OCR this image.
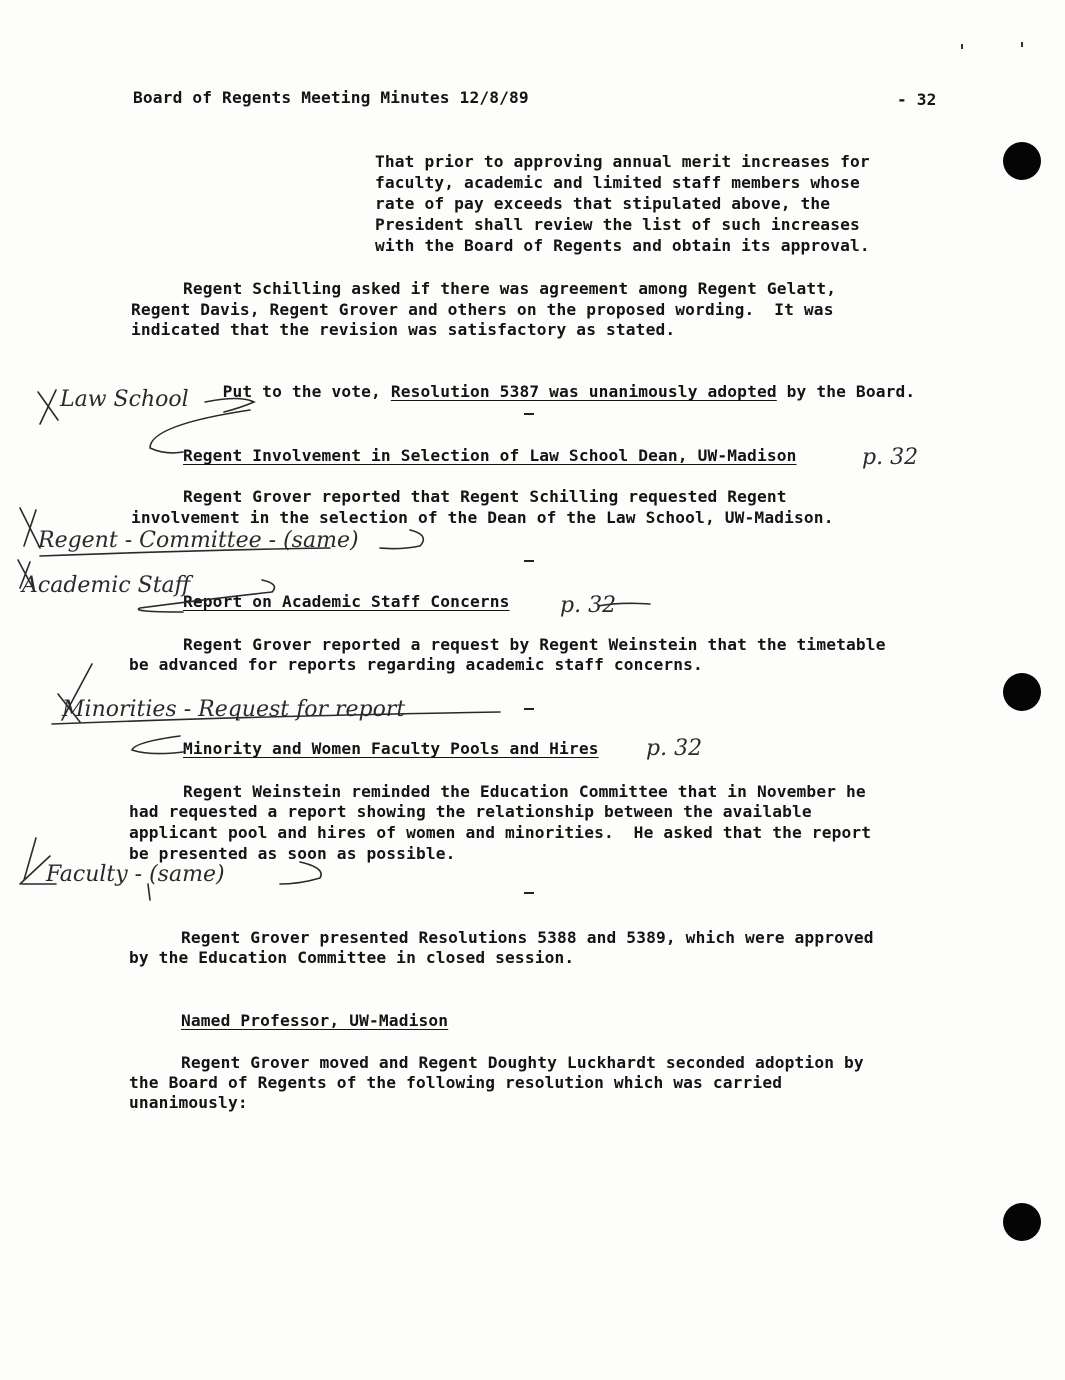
Board of Regents Meeting Minutes 12/8/89	- 32
That prior to approving annual merit increases for
faculty, academic and limited staff members whose
rate of pay exceeds that stipulated above, the
President shall review the list of such increases
with the Board of Regents and obtain its approval.
Regent Schilling asked if there was agreement among Regent Gelatt,
Regent Davis, Regent Grover and others on the proposed wording.  It was
indicated that the revision was satisfactory as stated.

Put to the vote, Resolution 5387 was unanimously adopted by the Board.

Regent Involvement in Selection of Law School Dean, UW-Madison
Regent Grover reported that Regent Schilling requested Regent
involvement in the selection of the Dean of the Law School, UW-Madison.
Report on Academic Staff Concerns
Regent Grover reported a request by Regent Weinstein that the timetable
be advanced for reports regarding academic staff concerns.
Minority and Women Faculty Pools and Hires
Regent Weinstein reminded the Education Committee that in November he
had requested a report showing the relationship between the available
applicant pool and hires of women and minorities.  He asked that the report
be presented as soon as possible.
Regent Grover presented Resolutions 5388 and 5389, which were approved
by the Education Committee in closed session.
Named Professor, UW-Madison
Regent Grover moved and Regent Doughty Luckhardt seconded adoption by
the Board of Regents of the following resolution which was carried
unanimously:
Law School
p. 32
Regent - Committee - (same)
Academic Staff
p. 32
Minorities - Request for report
p. 32
Faculty - (same)
